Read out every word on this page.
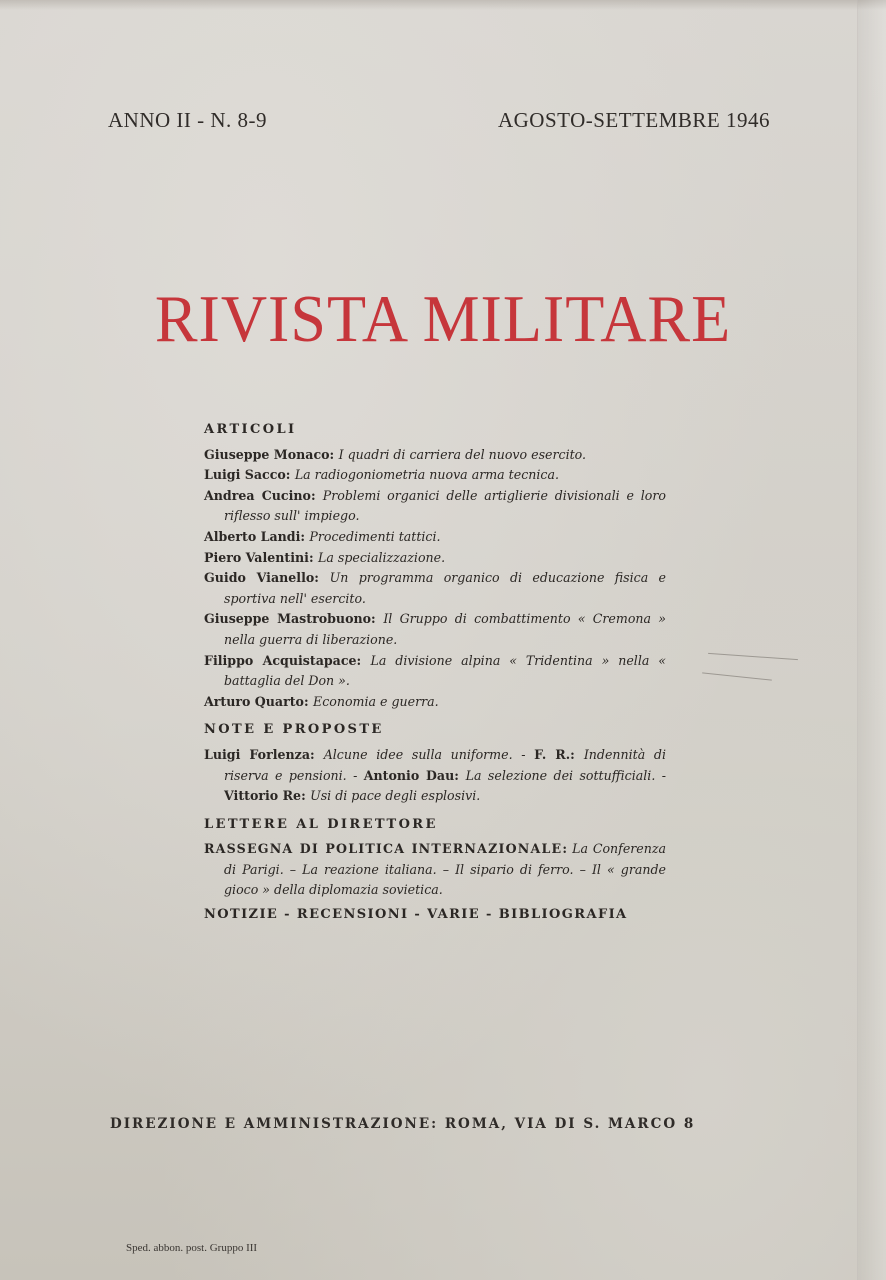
ANNO II - N. 8-9	AGOSTO-SETTEMBRE 1946
RIVISTA MILITARE
ARTICOLI
Giuseppe Monaco: I quadri di carriera del nuovo esercito.
Luigi Sacco: La radiogoniometria nuova arma tecnica.
Andrea Cucino: Problemi organici delle artiglierie divisionali e loro riflesso sull' impiego.
Alberto Landi: Procedimenti tattici.
Piero Valentini: La specializzazione.
Guido Vianello: Un programma organico di educazione fisica e sportiva nell' esercito.
Giuseppe Mastrobuono: Il Gruppo di combattimento « Cremona » nella guerra di liberazione.
Filippo Acquistapace: La divisione alpina « Tridentina » nella « battaglia del Don ».
Arturo Quarto: Economia e guerra.
NOTE E PROPOSTE
Luigi Forlenza: Alcune idee sulla uniforme. - F. R.: Indennità di riserva e pensioni. - Antonio Dau: La selezione dei sottufficiali. - Vittorio Re: Usi di pace degli esplosivi.
LETTERE AL DIRETTORE
RASSEGNA DI POLITICA INTERNAZIONALE: La Conferenza di Parigi. – La reazione italiana. – Il sipario di ferro. – Il « grande gioco » della diplomazia sovietica.
NOTIZIE - RECENSIONI - VARIE - BIBLIOGRAFIA
DIREZIONE E AMMINISTRAZIONE: ROMA, VIA DI S. MARCO 8
Sped. abbon. post. Gruppo III
